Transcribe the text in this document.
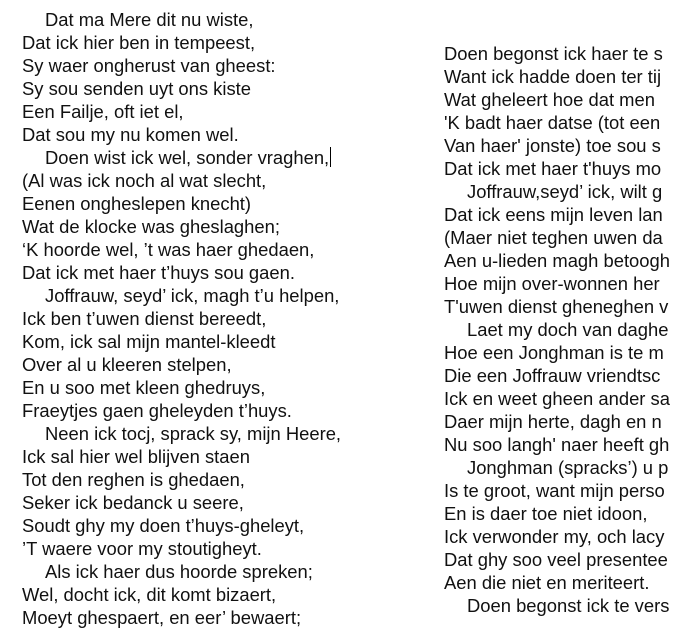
Dat ma Mere dit nu wiste,
Dat ick hier ben in tempeest,
Sy waer ongherust van gheest:
Sy sou senden uyt ons kiste
Een Failje, oft iet el,
Dat sou my nu komen wel.
Doen wist ick wel, sonder vraghen,
(Al was ick noch al wat slecht,
Eenen ongheslepen knecht)
Wat de klocke was gheslaghen;
‘K hoorde wel, ’t was haer ghedaen,
Dat ick met haer t’huys sou gaen.
Joffrauw, seyd’ ick, magh t’u helpen,
Ick ben t’uwen dienst bereedt,
Kom, ick sal mijn mantel-kleedt
Over al u kleeren stelpen,
En u soo met kleen ghedruys,
Fraeytjes gaen gheleyden t’huys.
Neen ick tocj, sprack sy, mijn Heere,
Ick sal hier wel blijven staen
Tot den reghen is ghedaen,
Seker ick bedanck u seere,
Soudt ghy my doen t’huys-gheleyt,
’T waere voor my stoutigheyt.
Als ick haer dus hoorde spreken;
Wel, docht ick, dit komt bizaert,
Moeyt ghespaert, en eer’ bewaert;
Doen begonst ick haer te s
Want ick hadde doen ter tij
Wat gheleert hoe dat men
'K badt haer datse (tot een
Van haer' jonste) toe sou s
Dat ick met haer t'huys mo
Joffrauw,seyd’ ick, wilt g
Dat ick eens mijn leven lan
(Maer niet teghen uwen da
Aen u-lieden magh betoogh
Hoe mijn over-wonnen her
T'uwen dienst gheneghen v
Laet my doch van daghe
Hoe een Jonghman is te m
Die een Joffrauw vriendtsc
Ick en weet gheen ander sa
Daer mijn herte, dagh en n
Nu soo langh' naer heeft gh
Jonghman (spracks’) u p
Is te groot, want mijn perso
En is daer toe niet idoon,
Ick verwonder my, och lacy
Dat ghy soo veel presentee
Aen die niet en meriteert.
Doen begonst ick te vers
